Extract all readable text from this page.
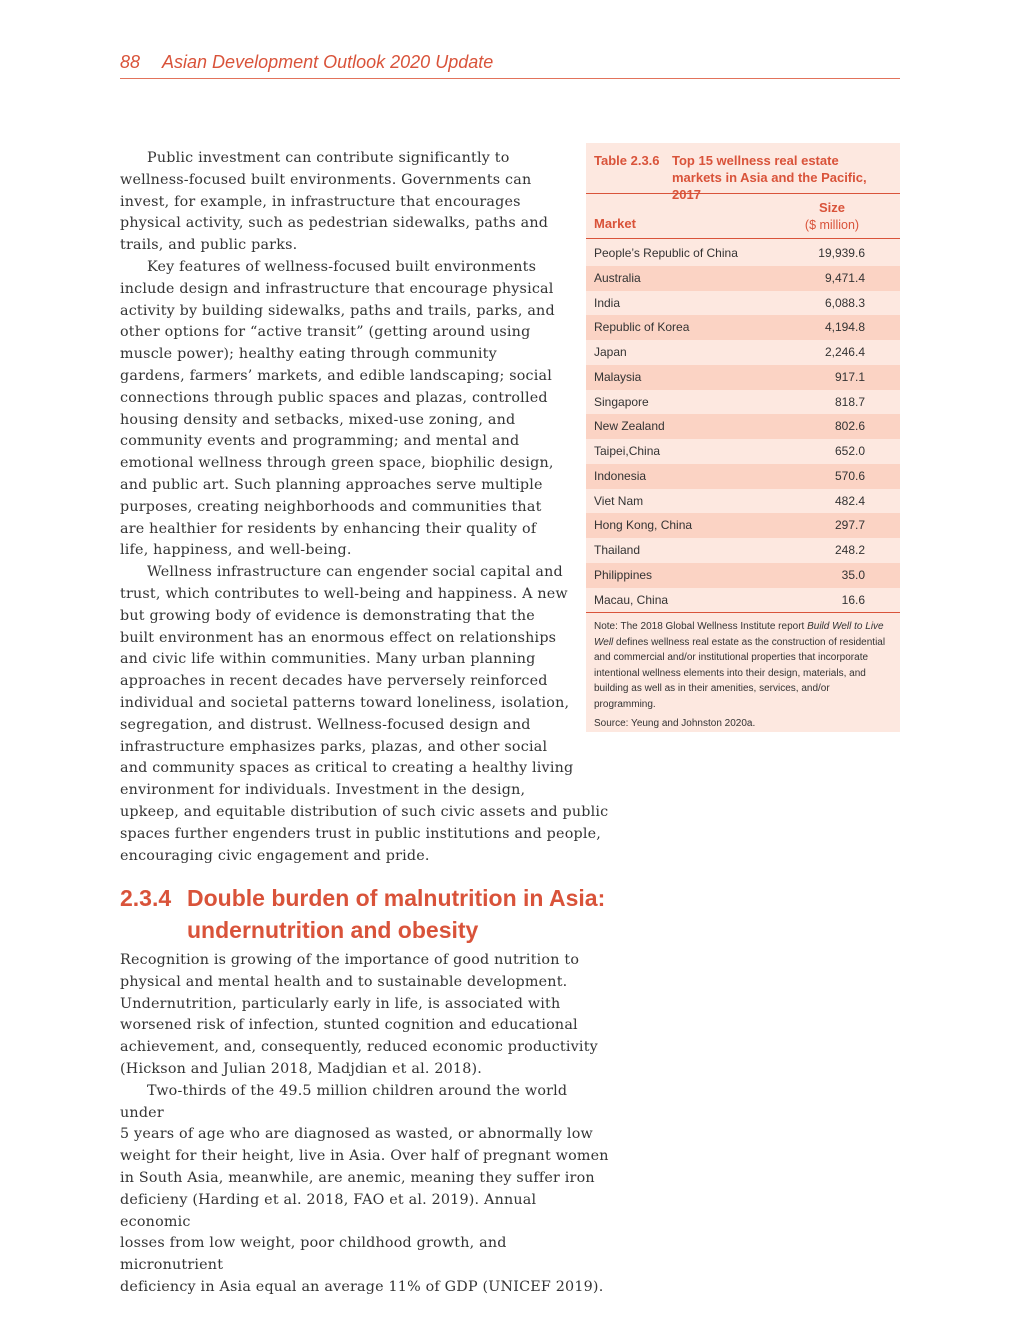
88 Asian Development Outlook 2020 Update

Public investment can contribute significantly to wellness-focused built environments. Governments can invest, for example, in infrastructure that encourages physical activity, such as pedestrian sidewalks, paths and trails, and public parks.

Key features of wellness-focused built environments include design and infrastructure that encourage physical activity by building sidewalks, paths and trails, parks, and other options for “active transit” (getting around using muscle power); healthy eating through community gardens, farmers’ markets, and edible landscaping; social connections through public spaces and plazas, controlled housing density and setbacks, mixed-use zoning, and community events and programming; and mental and emotional wellness through green space, biophilic design, and public art. Such planning approaches serve multiple purposes, creating neighborhoods and communities that are healthier for residents by enhancing their quality of life, happiness, and well-being.

Wellness infrastructure can engender social capital and
trust, which contributes to well-being and happiness. A new
but growing body of evidence is demonstrating that the
built environment has an enormous effect on relationships
and civic life within communities. Many urban planning
approaches in recent decades have perversely reinforced
individual and societal patterns toward loneliness, isolation,
segregation, and distrust. Wellness-focused design and
infrastructure emphasizes parks, plazas, and other social
and community spaces as critical to creating a healthy living
environment for individuals. Investment in the design,
upkeep, and equitable distribution of such civic assets and public
spaces further engenders trust in public institutions and people,
encouraging civic engagement and pride.

2.3.4 Double burden of malnutrition in Asia:
undernutrition and obesity

Recognition is growing of the importance of good nutrition to
physical and mental health and to sustainable development.
Undernutrition, particularly early in life, is associated with
worsened risk of infection, stunted cognition and educational
achievement, and, consequently, reduced economic productivity
(Hickson and Julian 2018, Madjdian et al. 2018).

Two-thirds of the 49.5 million children around the world under
5 years of age who are diagnosed as wasted, or abnormally low
weight for their height, live in Asia. Over half of pregnant women
in South Asia, meanwhile, are anemic, meaning they suffer iron
deficieny (Harding et al. 2018, FAO et al. 2019). Annual economic
losses from low weight, poor childhood growth, and micronutrient
deficiency in Asia equal an average 11% of GDP (UNICEF 2019).

Table 2.3.6 Top 15 wellness real estate markets in Asia and the Pacific, 2017
Market
Size
($ million)
People’s Republic of China	19,939.6
Australia	9,471.4
India	6,088.3
Republic of Korea	4,194.8
Japan	2,246.4
Malaysia	917.1
Singapore	818.7
New Zealand	802.6
Taipei,China	652.0
Indonesia	570.6
Viet Nam	482.4
Hong Kong, China	297.7
Thailand	248.2
Philippines	35.0
Macau, China	16.6
Note: The 2018 Global Wellness Institute report Build Well to Live Well defines wellness real estate as the construction of residential and commercial and/or institutional properties that incorporate intentional wellness elements into their design, materials, and building as well as in their amenities, services, and/or programming.
Source: Yeung and Johnston 2020a.
